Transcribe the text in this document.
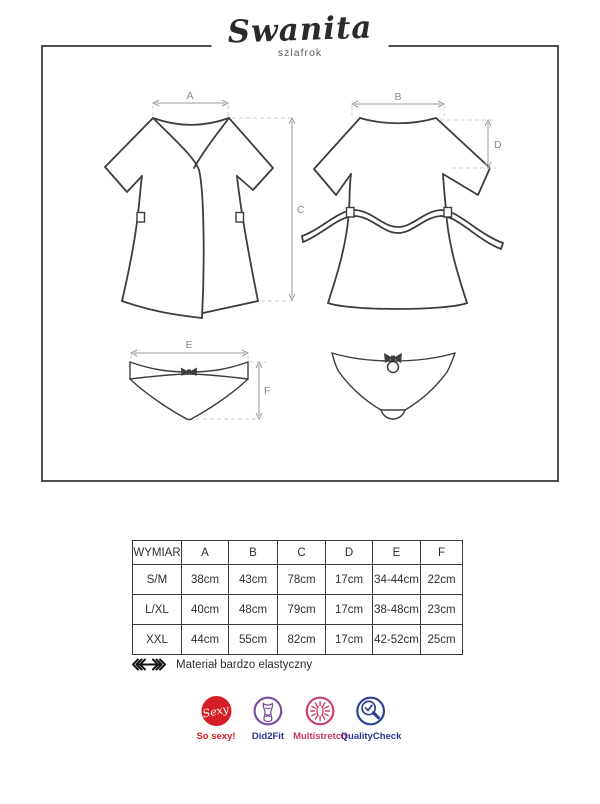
Swanita
szlafrok
A
C
B
D
E
F
WYMIAR	A	B	C	D	E	F
S/M	38cm	43cm	78cm	17cm	34-44cm	22cm
L/XL	40cm	48cm	79cm	17cm	38-48cm	23cm
XXL	44cm	55cm	82cm	17cm	42-52cm	25cm
Materiał bardzo elastyczny
Sexy
So sexy! Did2Fit Multistretch
QualityCheck
